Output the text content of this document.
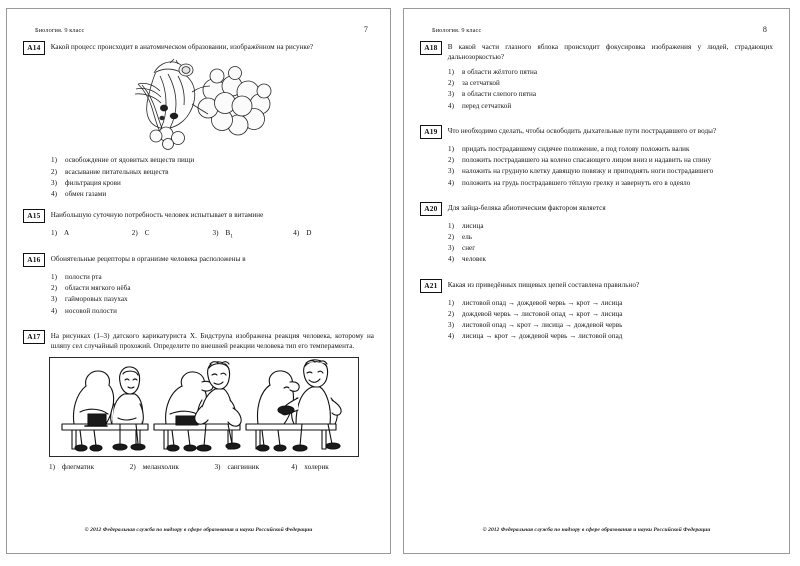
Биология. 9 класс	7
A14	Какой процесс происходит в анатомическом образовании, изображённом на рисунке?
1)	освобождение от ядовитых веществ пищи
2)	всасывание питательных веществ
3)	фильтрация крови
4)	обмен газами
A15	Наибольшую суточную потребность человек испытывает в витамине
1) A	2) C	3) $B_1$	4) D
A16	Обонятельные рецепторы в организме человека расположены в
1)	полости рта
2)	области мягкого нёба
3)	гайморовых пазухах
4)	носовой полости
A17	На рисунках (1–3) датского карикатуриста X. Бидструпа изображена реакция человека, которому на шляпу сел случайный прохожий. Определите по внешней реакции человека тип его темперамента.
1) флегматик	2) меланхолик	3) сангвиник	4) холерик
© 2012 Федеральная служба по надзору в сфере образования и науки Российской Федерации
Биология. 9 класс	8
A18	В какой части глазного яблока происходит фокусировка изображения у людей, страдающих дальнозоркостью?
1)	в области жёлтого пятна
2)	за сетчаткой
3)	в области слепого пятна
4)	перед сетчаткой
A19	Что необходимо сделать, чтобы освободить дыхательные пути пострадавшего от воды?
1)	придать пострадавшему сидячее положение, а под голову положить валик
2)	положить пострадавшего на колено спасающего лицом вниз и надавить на спину
3)	наложить на грудную клетку давящую повязку и приподнять ноги пострадавшего
4)	положить на грудь пострадавшего тёплую грелку и завернуть его в одеяло
A20	Для зайца-беляка абиотическим фактором является
1)	лисица
2)	ель
3)	снег
4)	человек
A21	Какая из приведённых пищевых цепей составлена правильно?
1)	листовой опад → дождевой червь → крот → лисица
2)	дождевой червь → листовой опад → крот → лисица
3)	листовой опад → крот → лисица → дождевой червь
4)	лисица → крот → дождевой червь → листовой опад
© 2012 Федеральная служба по надзору в сфере образования и науки Российской Федерации
